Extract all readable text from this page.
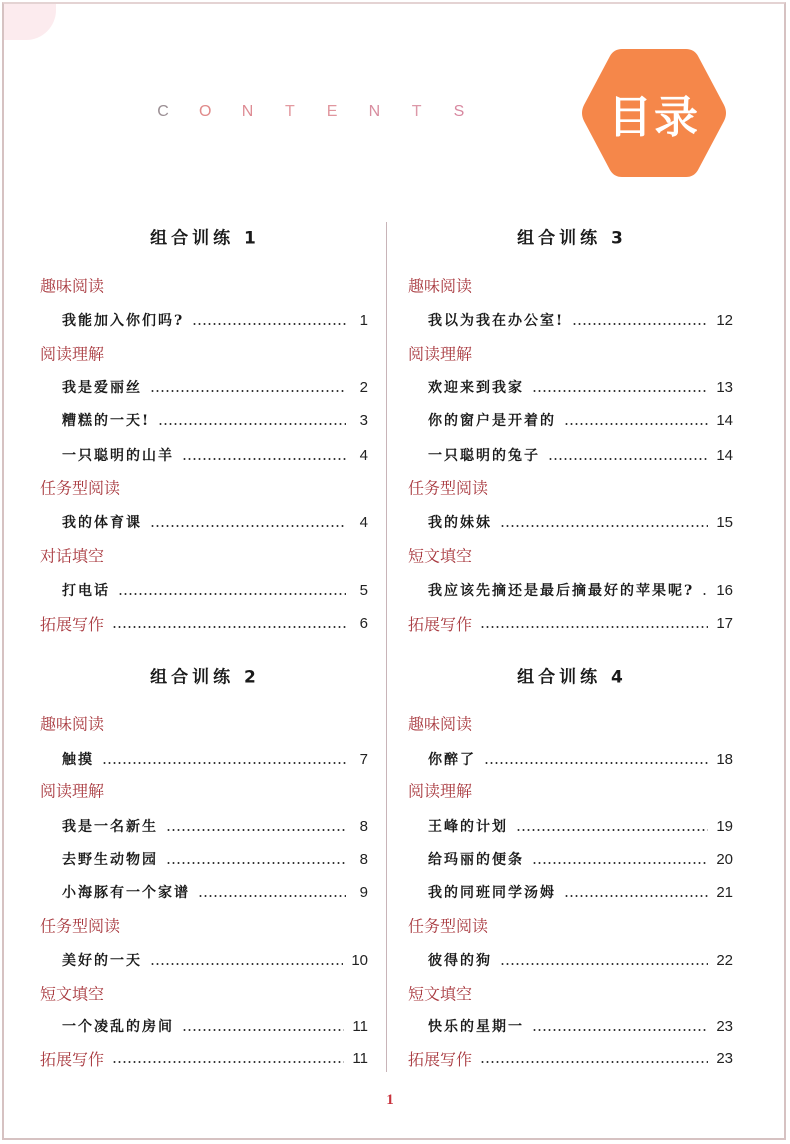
C O N T E N T S	目录
组合训练 1
趣味阅读
我能加入你们吗?	1
阅读理解
我是爱丽丝	2
糟糕的一天!	3
一只聪明的山羊	4
任务型阅读
我的体育课	4
对话填空
打电话	5
拓展写作	6
组合训练 2
趣味阅读
触摸	7
阅读理解
我是一名新生	8
去野生动物园	8
小海豚有一个家谱	9
任务型阅读
美好的一天	10
短文填空
一个凌乱的房间	11
拓展写作	11
组合训练 3
趣味阅读
我以为我在办公室!	12
阅读理解
欢迎来到我家	13
你的窗户是开着的	14
一只聪明的兔子	14
任务型阅读
我的妹妹	15
短文填空
我应该先摘还是最后摘最好的苹果呢? 16
拓展写作	17
组合训练 4
趣味阅读
你醉了	18
阅读理解
王峰的计划	19
给玛丽的便条	20
我的同班同学汤姆	21
任务型阅读
彼得的狗	22
短文填空
快乐的星期一	23
拓展写作	23
1
